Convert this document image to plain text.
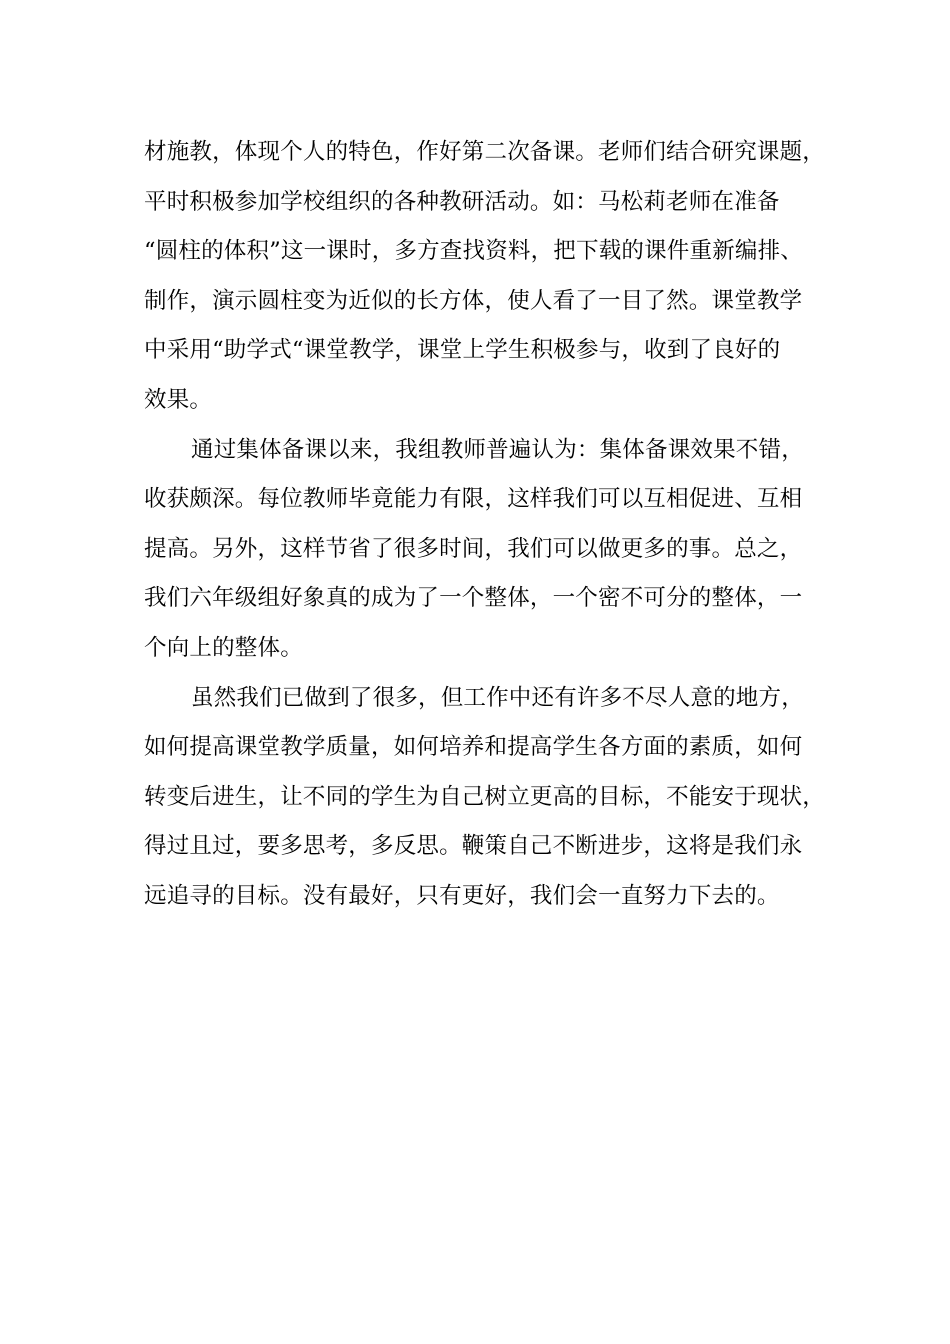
材施教，体现个人的特色，作好第二次备课。老师们结合研究课题，
平时积极参加学校组织的各种教研活动。如：马松莉老师在准备
“圆柱的体积”这一课时，多方查找资料，把下载的课件重新编排、
制作，演示圆柱变为近似的长方体，使人看了一目了然。课堂教学
中采用“助学式“课堂教学，课堂上学生积极参与，收到了良好的
效果。
通过集体备课以来，我组教师普遍认为：集体备课效果不错，
收获颇深。每位教师毕竟能力有限，这样我们可以互相促进、互相
提高。另外，这样节省了很多时间，我们可以做更多的事。总之，
我们六年级组好象真的成为了一个整体，一个密不可分的整体，一
个向上的整体。
虽然我们已做到了很多，但工作中还有许多不尽人意的地方，
如何提高课堂教学质量，如何培养和提高学生各方面的素质，如何
转变后进生，让不同的学生为自己树立更高的目标，不能安于现状，
得过且过，要多思考，多反思。鞭策自己不断进步，这将是我们永
远追寻的目标。没有最好，只有更好，我们会一直努力下去的。
